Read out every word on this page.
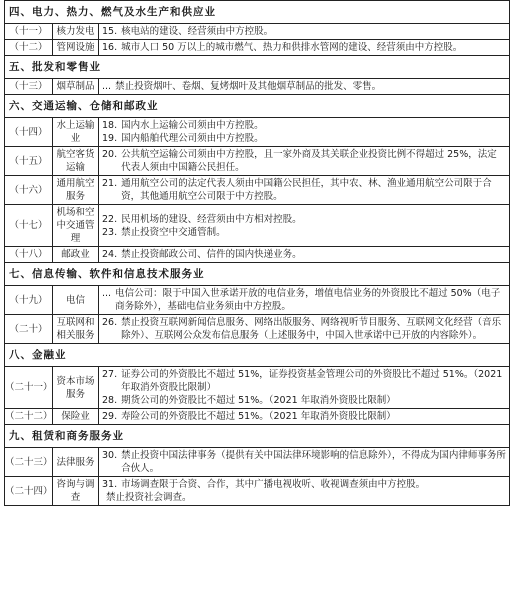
四、电力、热力、燃气及水生产和供应业		
（十一）	核力发电	15. 核电站的建设、经营须由中方控股。

（十二）	管网设施	16. 城市人口 50 万以上的城市燃气、热力和供排水管网的建设、经营须由中方控股。

五、批发和零售业		
（十三）	烟草制品	... 禁止投资烟叶、卷烟、复烤烟叶及其他烟草制品的批发、零售。

六、交通运输、仓储和邮政业		
（十四）	水上运输业	18. 国内水上运输公司须由中方控股。
19. 国内船舶代理公司须由中方控股。

（十五）	航空客货运输	20. 公共航空运输公司须由中方控股，且一家外商及其关联企业投资比例不得超过 25%，法定代表人须由中国籍公民担任。

（十六）	通用航空服务	21. 通用航空公司的法定代表人须由中国籍公民担任，其中农、林、渔业通用航空公司限于合资，其他通用航空公司限于中方控股。

（十七）	机场和空中交通管理	22. 民用机场的建设、经营须由中方相对控股。
23. 禁止投资空中交通管制。

（十八）	邮政业	24. 禁止投资邮政公司、信件的国内快递业务。

七、信息传输、软件和信息技术服务业		
（十九）	电信	... 电信公司：限于中国入世承诺开放的电信业务，增值电信业务的外资股比不超过 50%（电子商务除外），基础电信业务须由中方控股。

（二十）	互联网和相关服务	26. 禁止投资互联网新闻信息服务、网络出版服务、网络视听节目服务、互联网文化经营（音乐除外）、互联网公众发布信息服务（上述服务中，中国入世承诺中已开放的内容除外）。

八、金融业		
（二十一）	资本市场服务	27. 证券公司的外资股比不超过 51%，证券投资基金管理公司的外资股比不超过 51%。（2021 年取消外资股比限制）
28. 期货公司的外资股比不超过 51%。（2021 年取消外资股比限制）

（二十二）	保险业	29. 寿险公司的外资股比不超过 51%。（2021 年取消外资股比限制）

九、租赁和商务服务业		
（二十三）	法律服务	30. 禁止投资中国法律事务（提供有关中国法律环境影响的信息除外），不得成为国内律师事务所合伙人。

（二十四）	咨询与调查	31. 市场调查限于合资、合作，其中广播电视收听、收视调查须由中方控股。
禁止投资社会调查。
